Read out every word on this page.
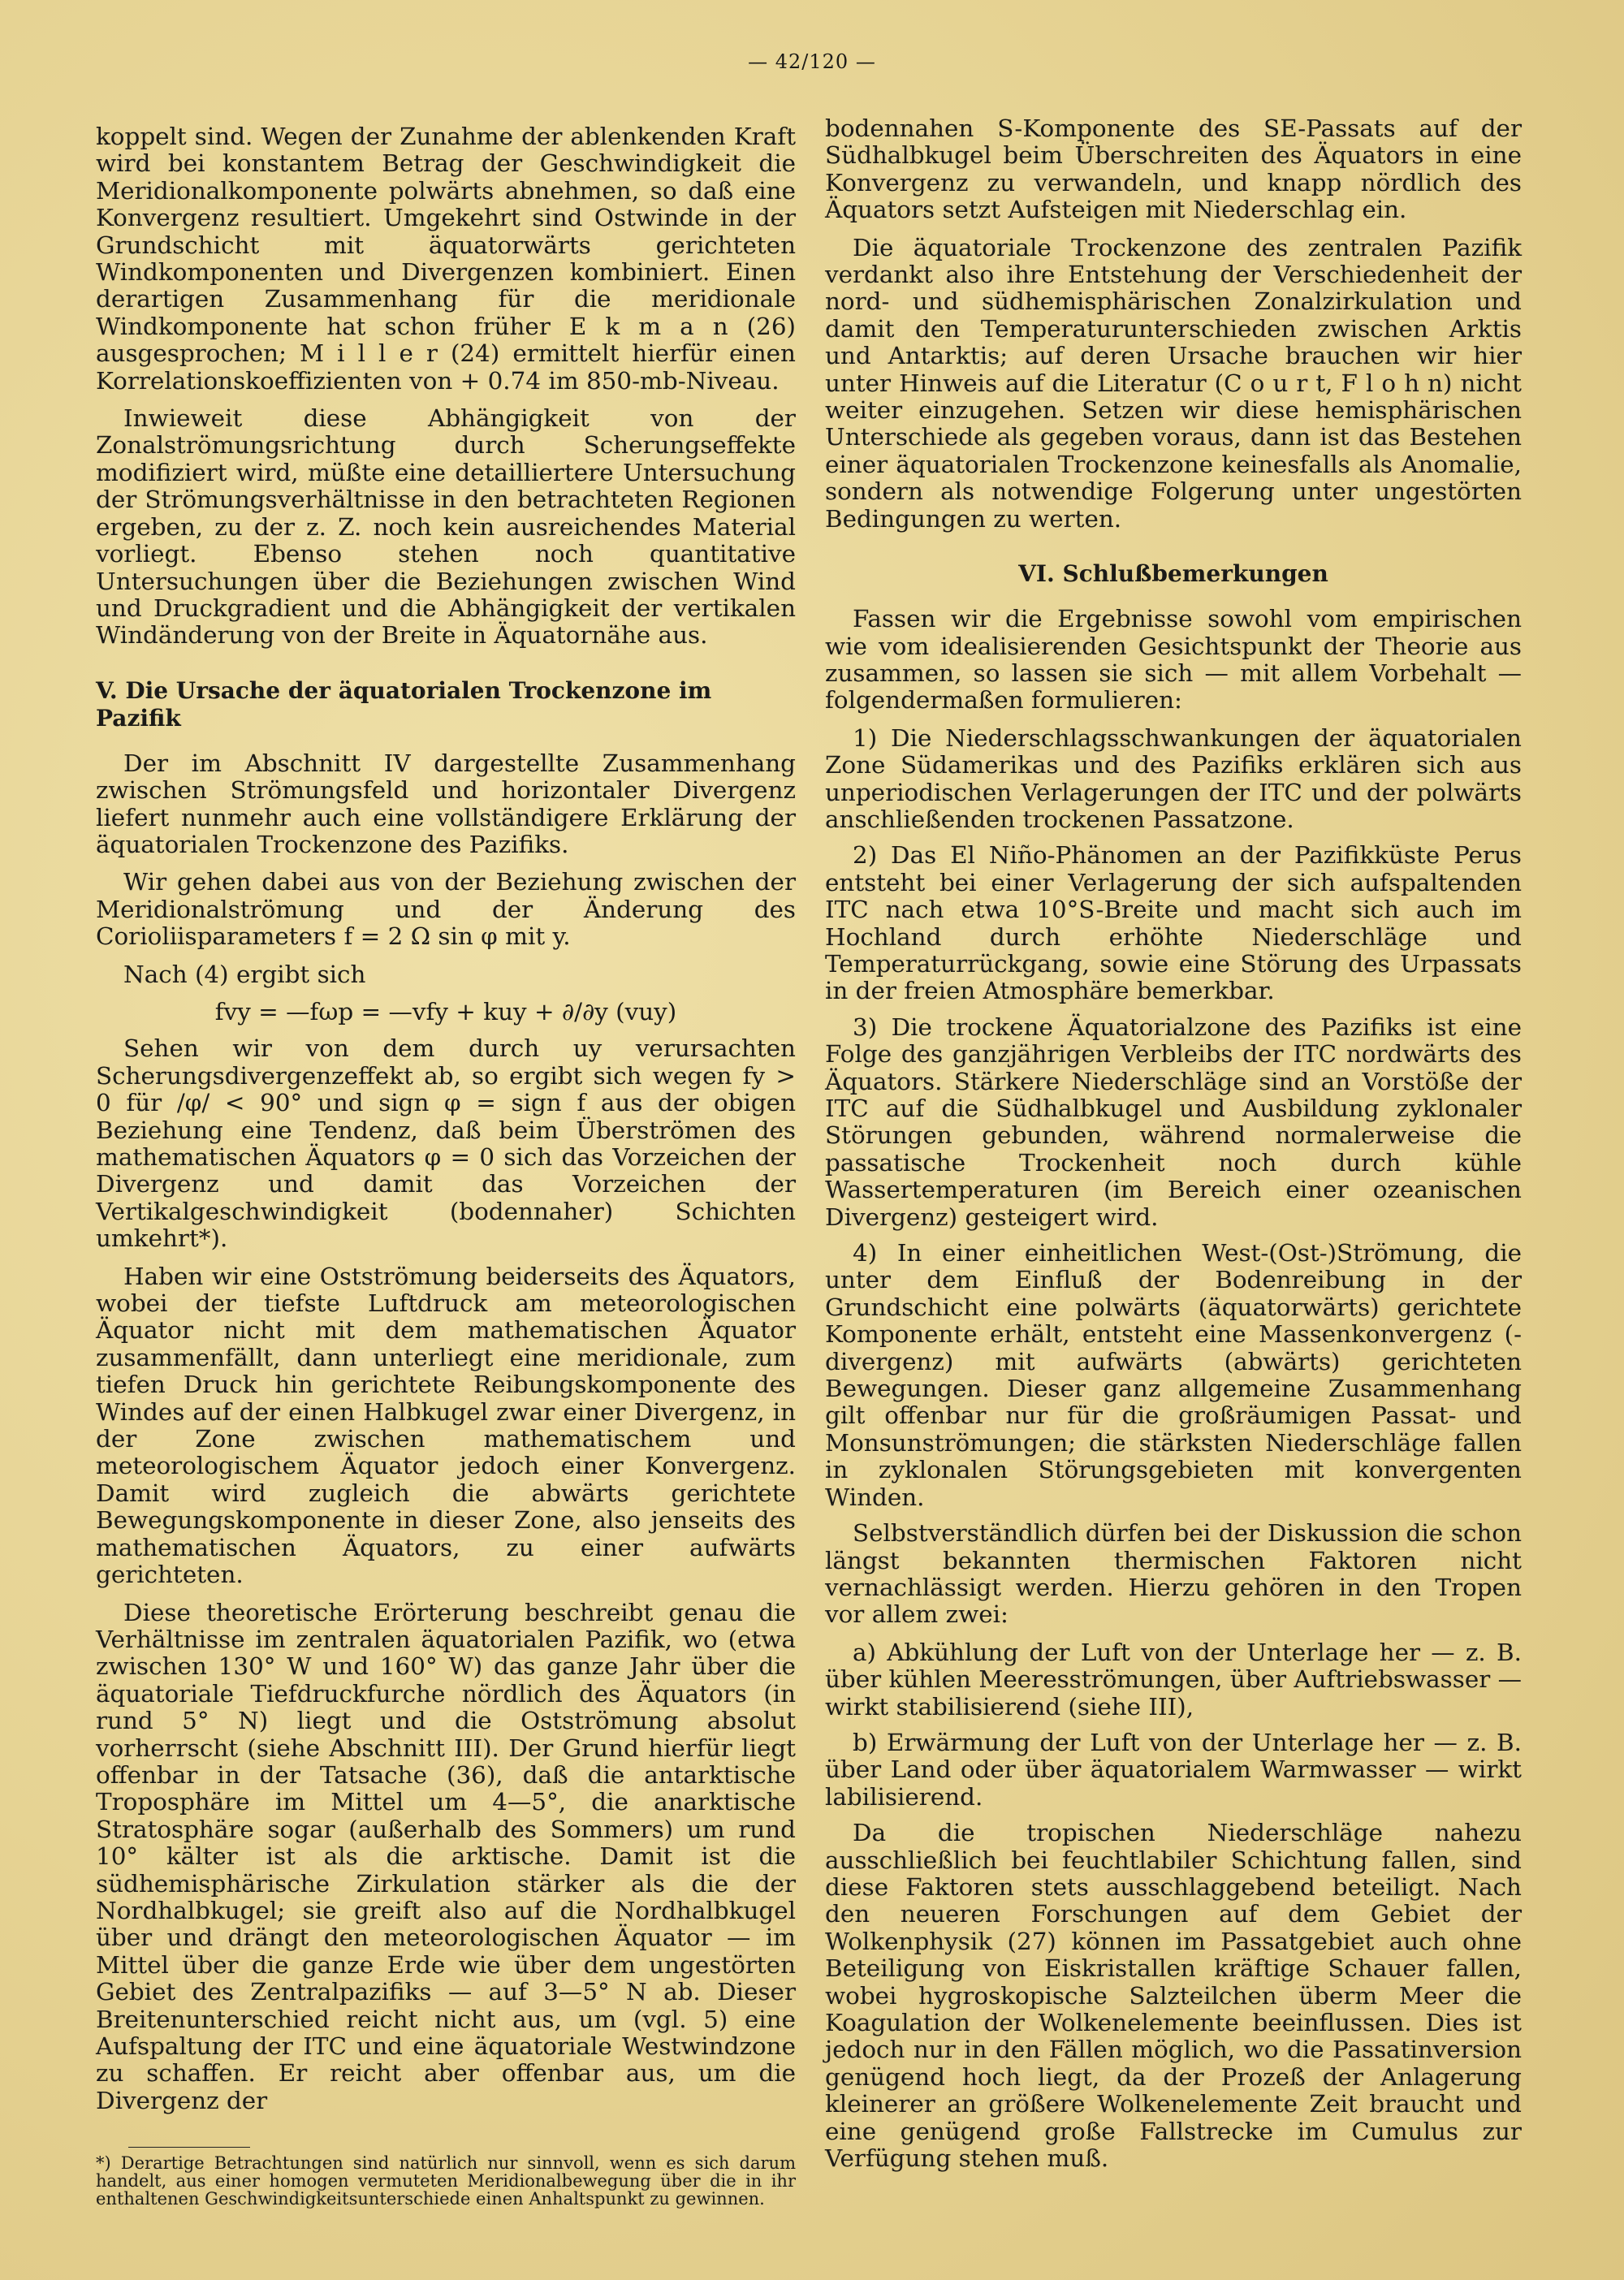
— 42/120 —

koppelt sind. Wegen der Zunahme der ablenkenden Kraft wird bei konstantem Betrag der Geschwindigkeit die Meridionalkomponente polwärts abnehmen, so daß eine Konvergenz resultiert. Umgekehrt sind Ostwinde in der Grundschicht mit äquatorwärts gerichteten Windkomponenten und Divergenzen kombiniert. Einen derartigen Zusammenhang für die meridionale Windkomponente hat schon früher E k m a n (26) ausgesprochen; M i l l e r (24) ermittelt hierfür einen Korrelationskoeffizienten von + 0.74 im 850-mb-Niveau.

Inwieweit diese Abhängigkeit von der Zonalströmungsrichtung durch Scherungseffekte modifiziert wird, müßte eine detailliertere Untersuchung der Strömungsverhältnisse in den betrachteten Regionen ergeben, zu der z. Z. noch kein ausreichendes Material vorliegt. Ebenso stehen noch quantitative Untersuchungen über die Beziehungen zwischen Wind und Druckgradient und die Abhängigkeit der vertikalen Windänderung von der Breite in Äquatornähe aus.

V. Die Ursache der äquatorialen Trockenzone im Pazifik

Der im Abschnitt IV dargestellte Zusammenhang zwischen Strömungsfeld und horizontaler Divergenz liefert nunmehr auch eine vollständigere Erklärung der äquatorialen Trockenzone des Pazifiks.

Wir gehen dabei aus von der Beziehung zwischen der Meridionalströmung und der Änderung des Corioliisparameters f = 2 Ω sin φ mit y.

Nach (4) ergibt sich

fvy = —fωp = —vfy + kuy + ∂/∂y (vuy)

Sehen wir von dem durch uy verursachten Scherungsdivergenzeffekt ab, so ergibt sich wegen fy > 0 für /φ/ < 90° und sign φ = sign f aus der obigen Beziehung eine Tendenz, daß beim Überströmen des mathematischen Äquators φ = 0 sich das Vorzeichen der Divergenz und damit das Vorzeichen der Vertikalgeschwindigkeit (bodennaher) Schichten umkehrt*).

Haben wir eine Ostströmung beiderseits des Äquators, wobei der tiefste Luftdruck am meteorologischen Äquator nicht mit dem mathematischen Äquator zusammenfällt, dann unterliegt eine meridionale, zum tiefen Druck hin gerichtete Reibungskomponente des Windes auf der einen Halbkugel zwar einer Divergenz, in der Zone zwischen mathematischem und meteorologischem Äquator jedoch einer Konvergenz. Damit wird zugleich die abwärts gerichtete Bewegungskomponente in dieser Zone, also jenseits des mathematischen Äquators, zu einer aufwärts gerichteten.

Diese theoretische Erörterung beschreibt genau die Verhältnisse im zentralen äquatorialen Pazifik, wo (etwa zwischen 130° W und 160° W) das ganze Jahr über die äquatoriale Tiefdruckfurche nördlich des Äquators (in rund 5° N) liegt und die Ostströmung absolut vorherrscht (siehe Abschnitt III). Der Grund hierfür liegt offenbar in der Tatsache (36), daß die antarktische Troposphäre im Mittel um 4—5°, die anarktische Stratosphäre sogar (außerhalb des Sommers) um rund 10° kälter ist als die arktische. Damit ist die südhemisphärische Zirkulation stärker als die der Nordhalbkugel; sie greift also auf die Nordhalbkugel über und drängt den meteorologischen Äquator — im Mittel über die ganze Erde wie über dem ungestörten Gebiet des Zentralpazifiks — auf 3—5° N ab. Dieser Breitenunterschied reicht nicht aus, um (vgl. 5) eine Aufspaltung der ITC und eine äquatoriale Westwindzone zu schaffen. Er reicht aber offenbar aus, um die Divergenz der

*) Derartige Betrachtungen sind natürlich nur sinnvoll, wenn es sich darum handelt, aus einer homogen vermuteten Meridionalbewegung über die in ihr enthaltenen Geschwindigkeitsunterschiede einen Anhaltspunkt zu gewinnen.

bodennahen S-Komponente des SE-Passats auf der Südhalbkugel beim Überschreiten des Äquators in eine Konvergenz zu verwandeln, und knapp nördlich des Äquators setzt Aufsteigen mit Niederschlag ein.

Die äquatoriale Trockenzone des zentralen Pazifik verdankt also ihre Entstehung der Verschiedenheit der nord- und südhemisphärischen Zonalzirkulation und damit den Temperaturunterschieden zwischen Arktis und Antarktis; auf deren Ursache brauchen wir hier unter Hinweis auf die Literatur (C o u r t, F l o h n) nicht weiter einzugehen. Setzen wir diese hemisphärischen Unterschiede als gegeben voraus, dann ist das Bestehen einer äquatorialen Trockenzone keinesfalls als Anomalie, sondern als notwendige Folgerung unter ungestörten Bedingungen zu werten.

VI. Schlußbemerkungen

Fassen wir die Ergebnisse sowohl vom empirischen wie vom idealisierenden Gesichtspunkt der Theorie aus zusammen, so lassen sie sich — mit allem Vorbehalt — folgendermaßen formulieren:

1) Die Niederschlagsschwankungen der äquatorialen Zone Südamerikas und des Pazifiks erklären sich aus unperiodischen Verlagerungen der ITC und der polwärts anschließenden trockenen Passatzone.

2) Das El Niño-Phänomen an der Pazifikküste Perus entsteht bei einer Verlagerung der sich aufspaltenden ITC nach etwa 10°S-Breite und macht sich auch im Hochland durch erhöhte Niederschläge und Temperaturrückgang, sowie eine Störung des Urpassats in der freien Atmosphäre bemerkbar.

3) Die trockene Äquatorialzone des Pazifiks ist eine Folge des ganzjährigen Verbleibs der ITC nordwärts des Äquators. Stärkere Niederschläge sind an Vorstöße der ITC auf die Südhalbkugel und Ausbildung zyklonaler Störungen gebunden, während normalerweise die passatische Trockenheit noch durch kühle Wassertemperaturen (im Bereich einer ozeanischen Divergenz) gesteigert wird.

4) In einer einheitlichen West-(Ost-)Strömung, die unter dem Einfluß der Bodenreibung in der Grundschicht eine polwärts (äquatorwärts) gerichtete Komponente erhält, entsteht eine Massenkonvergenz (-divergenz) mit aufwärts (abwärts) gerichteten Bewegungen. Dieser ganz allgemeine Zusammenhang gilt offenbar nur für die großräumigen Passat- und Monsunströmungen; die stärksten Niederschläge fallen in zyklonalen Störungsgebieten mit konvergenten Winden.

Selbstverständlich dürfen bei der Diskussion die schon längst bekannten thermischen Faktoren nicht vernachlässigt werden. Hierzu gehören in den Tropen vor allem zwei:

a) Abkühlung der Luft von der Unterlage her — z. B. über kühlen Meeresströmungen, über Auftriebswasser — wirkt stabilisierend (siehe III),

b) Erwärmung der Luft von der Unterlage her — z. B. über Land oder über äquatorialem Warmwasser — wirkt labilisierend.

Da die tropischen Niederschläge nahezu ausschließlich bei feuchtlabiler Schichtung fallen, sind diese Faktoren stets ausschlaggebend beteiligt. Nach den neueren Forschungen auf dem Gebiet der Wolkenphysik (27) können im Passatgebiet auch ohne Beteiligung von Eiskristallen kräftige Schauer fallen, wobei hygroskopische Salzteilchen überm Meer die Koagulation der Wolkenelemente beeinflussen. Dies ist jedoch nur in den Fällen möglich, wo die Passatinversion genügend hoch liegt, da der Prozeß der Anlagerung kleinerer an größere Wolkenelemente Zeit braucht und eine genügend große Fallstrecke im Cumulus zur Verfügung stehen muß.
